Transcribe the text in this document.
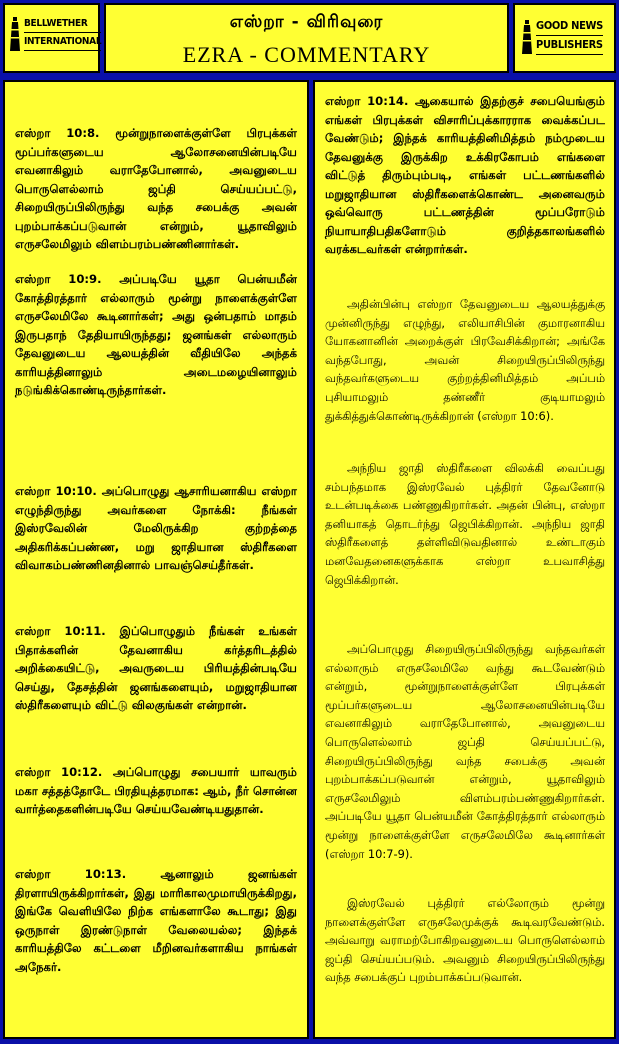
BELLWETHER
INTERNATIONAL
எஸ்றா - விரிவுரை
EZRA - COMMENTARY
GOOD NEWS
PUBLISHERS

எஸ்றா 10:8. மூன்றுநாளைக்குள்ளே பிரபுக்கள் மூப்பர்களுடைய ஆலோசனையின்படியே எவனாகிலும் வராதேபோனால், அவனுடைய பொருளெல்லாம் ஜப்தி செய்யப்பட்டு, சிறையிருப்பிலிருந்து வந்த சபைக்கு அவன் புறம்பாக்கப்படுவான் என்றும், யூதாவிலும் எருசலேமிலும் விளம்பரம்பண்ணினார்கள்.

எஸ்றா 10:9. அப்படியே யூதா பென்யமீன் கோத்திரத்தார் எல்லாரும் மூன்று நாளைக்குள்ளே எருசலேமிலே கூடினார்கள்; அது ஒன்பதாம் மாதம் இருபதாந் தேதியாயிருந்தது; ஜனங்கள் எல்லாரும் தேவனுடைய ஆலயத்தின் வீதியிலே அந்தக் காரியத்தினாலும் அடைமழையினாலும் நடுங்கிக்கொண்டிருந்தார்கள்.

எஸ்றா 10:10. அப்பொழுது ஆசாரியனாகிய எஸ்றா எழுந்திருந்து அவர்களை நோக்கி: நீங்கள் இஸ்ரவேலின் மேலிருக்கிற குற்றத்தை அதிகரிக்கப்பண்ண, மறு ஜாதியான ஸ்திரீகளை விவாகம்பண்ணினதினால் பாவஞ்செய்தீர்கள்.

எஸ்றா 10:11. இப்பொழுதும் நீங்கள் உங்கள் பிதாக்களின் தேவனாகிய கர்த்தரிடத்தில் அறிக்கையிட்டு, அவருடைய பிரியத்தின்படியே செய்து, தேசத்தின் ஜனங்களையும், மறுஜாதியான ஸ்திரீகளையும் விட்டு விலகுங்கள் என்றான்.

எஸ்றா 10:12. அப்பொழுது சபையார் யாவரும் மகா சத்தத்தோடே பிரதியுத்தரமாக: ஆம், நீர் சொன்ன வார்த்தைகளின்படியே செய்யவேண்டியதுதான்.

எஸ்றா 10:13. ஆனாலும் ஜனங்கள் திரளாயிருக்கிறார்கள், இது மாரிகாலமுமாயிருக்கிறது, இங்கே வெளியிலே நிற்க எங்களாலே கூடாது; இது ஒருநாள் இரண்டுநாள் வேலையல்ல; இந்தக் காரியத்திலே கட்டளை மீறினவர்களாகிய நாங்கள் அநேகர்.

எஸ்றா 10:14. ஆகையால் இதற்குச் சபையெங்கும் எங்கள் பிரபுக்கள் விசாரிப்புக்காரராக வைக்கப்பட வேண்டும்; இந்தக் காரியத்தினிமித்தம் நம்முடைய தேவனுக்கு இருக்கிற உக்கிரகோபம் எங்களை விட்டுத் திரும்பும்படி, எங்கள் பட்டணங்களில் மறுஜாதியான ஸ்திரீகளைக்கொண்ட அனைவரும் ஒவ்வொரு பட்டணத்தின் மூப்பரோடும் நியாயாதிபதிகளோடும் குறித்தகாலங்களில் வரக்கடவர்கள் என்றார்கள்.

அதின்பின்பு எஸ்றா தேவனுடைய ஆலயத்துக்கு முன்னிருந்து எழுந்து, எலியாசிபின் குமாரனாகிய யோகனானின் அறைக்குள் பிரவேசிக்கிறான்; அங்கே வந்தபோது, அவன் சிறையிருப்பிலிருந்து வந்தவர்களுடைய குற்றத்தினிமித்தம் அப்பம் புசியாமலும் தண்ணீர் குடியாமலும் துக்கித்துக்கொண்டிருக்கிறான் (எஸ்றா 10:6).

அந்நிய ஜாதி ஸ்திரீகளை விலக்கி வைப்பது சம்பந்தமாக இஸ்ரவேல் புத்திரர் தேவனோடு உடன்படிக்கை பண்ணுகிறார்கள். அதன் பின்பு, எஸ்றா தனியாகத் தொடர்ந்து ஜெபிக்கிறான். அந்நிய ஜாதி ஸ்திரீகளைத் தள்ளிவிடுவதினால் உண்டாகும் மனவேதனைகளுக்காக எஸ்றா உபவாசித்து ஜெபிக்கிறான்.

அப்பொழுது சிறையிருப்பிலிருந்து வந்தவர்கள் எல்லாரும் எருசலேமிலே வந்து கூடவேண்டும் என்றும், மூன்றுநாளைக்குள்ளே பிரபுக்கள் மூப்பர்களுடைய ஆலோசனையின்படியே எவனாகிலும் வராதேபோனால், அவனுடைய பொருளெல்லாம் ஜப்தி செய்யப்பட்டு, சிறையிருப்பிலிருந்து வந்த சபைக்கு அவன் புறம்பாக்கப்படுவான் என்றும், யூதாவிலும் எருசலேமிலும் விளம்பரம்பண்ணுகிறார்கள். அப்படியே யூதா பென்யமீன் கோத்திரத்தார் எல்லாரும் மூன்று நாளைக்குள்ளே எருசலேமிலே கூடினார்கள் (எஸ்றா 10:7-9).

இஸ்ரவேல் புத்திரர் எல்லோரும் மூன்று நாளைக்குள்ளே எருசலேமுக்குக் கூடிவரவேண்டும். அவ்வாறு வராமற்போகிறவனுடைய பொருளெல்லாம் ஜப்தி செய்யப்படும். அவனும் சிறையிருப்பிலிருந்து வந்த சபைக்குப் புறம்பாக்கப்படுவான்.
